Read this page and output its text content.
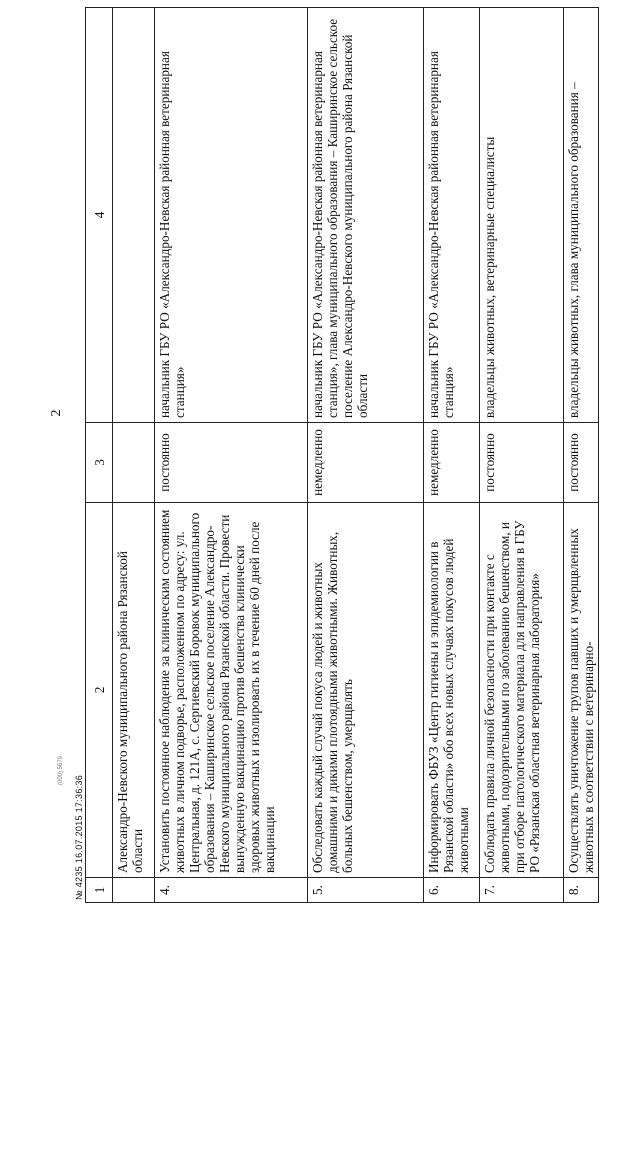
2
№ 4235 16.07.2015 17:36:36
(000) 5679
1	2	3	4
	Александро-Невского муниципального района Рязанской области		
4.	Установить постоянное наблюдение за клиническим состоянием животных в личном подворье, расположенном по адресу: ул. Центральная, д. 121А, с. Сергиевский Боровок муниципального образования – Каширинское сельское поселение Александро-Невского муниципального района Рязанской области. Провести вынужденную вакцинацию против бешенства клинически здоровых животных и изолировать их в течение 60 дней после вакцинации	постоянно	начальник ГБУ РО «Александро-Невская районная ветеринарная станция»
5.	Обследовать каждый случай покуса людей и животных домашними и дикими плотоядными животными. Животных, больных бешенством, умерщвлять	немедленно	начальник ГБУ РО «Александро-Невская районная ветеринарная станция», глава муниципального образования – Каширинское сельское поселение Александро-Невского муниципального района Рязанской области
6.	Информировать ФБУЗ «Центр гигиены и эпидемиологии в Рязанской области» обо всех новых случаях покусов людей животными	немедленно	начальник ГБУ РО «Александро-Невская районная ветеринарная станция»
7.	Соблюдать правила личной безопасности при контакте с животными, подозрительными по заболеванию бешенством, и при отборе патологического материала для направления в ГБУ РО «Рязанская областная ветеринарная лаборатория»	постоянно	владельцы животных, ветеринарные специалисты
8.	Осуществлять уничтожение трупов павших и умерщвленных животных в соответствии с ветеринарно-	постоянно	владельцы животных, глава муниципального образования –
